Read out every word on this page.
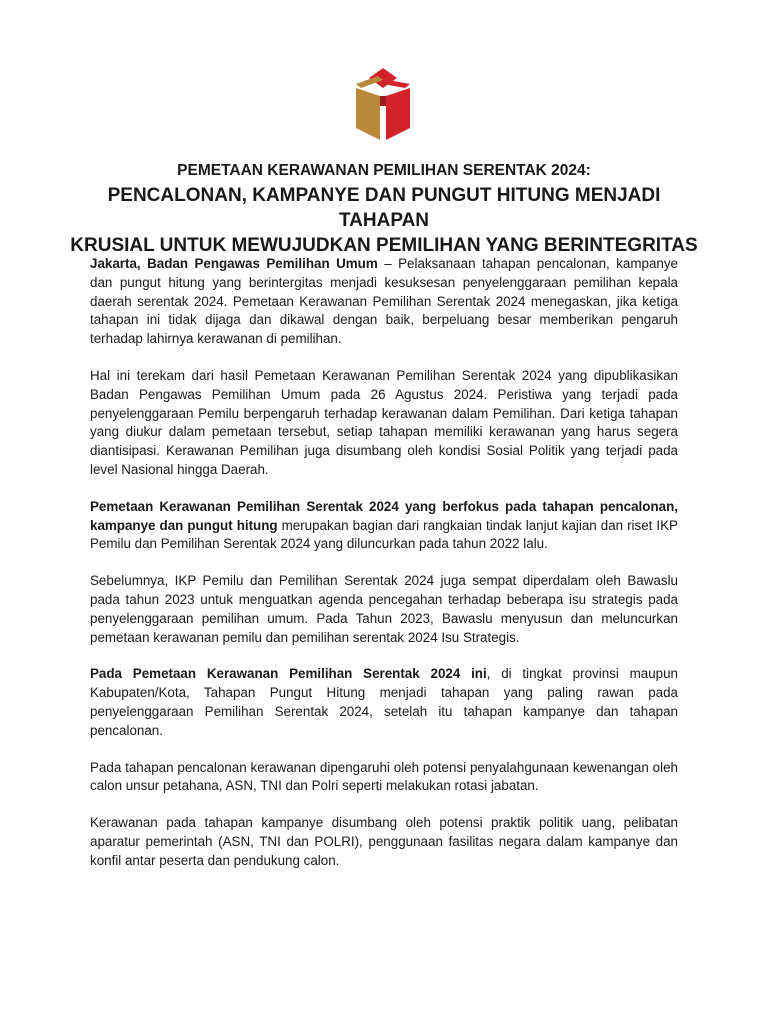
PEMETAAN KERAWANAN PEMILIHAN SERENTAK 2024:

PENCALONAN, KAMPANYE DAN PUNGUT HITUNG MENJADI TAHAPAN

KRUSIAL UNTUK MEWUJUDKAN PEMILIHAN YANG BERINTEGRITAS

Jakarta, Badan Pengawas Pemilihan Umum – Pelaksanaan tahapan pencalonan, kampanye dan pungut hitung yang berintergitas menjadi kesuksesan penyelenggaraan pemilihan kepala daerah serentak 2024. Pemetaan Kerawanan Pemilihan Serentak 2024 menegaskan, jika ketiga tahapan ini tidak dijaga dan dikawal dengan baik, berpeluang besar memberikan pengaruh terhadap lahirnya kerawanan di pemilihan.

Hal ini terekam dari hasil Pemetaan Kerawanan Pemilihan Serentak 2024 yang dipublikasikan Badan Pengawas Pemilihan Umum pada 26 Agustus 2024. Peristiwa yang terjadi pada penyelenggaraan Pemilu berpengaruh terhadap kerawanan dalam Pemilihan. Dari ketiga tahapan yang diukur dalam pemetaan tersebut, setiap tahapan memiliki kerawanan yang harus segera diantisipasi. Kerawanan Pemilihan juga disumbang oleh kondisi Sosial Politik yang terjadi pada level Nasional hingga Daerah.

Pemetaan Kerawanan Pemilihan Serentak 2024 yang berfokus pada tahapan pencalonan, kampanye dan pungut hitung merupakan bagian dari rangkaian tindak lanjut kajian dan riset IKP Pemilu dan Pemilihan Serentak 2024 yang diluncurkan pada tahun 2022 lalu.

Sebelumnya, IKP Pemilu dan Pemilihan Serentak 2024 juga sempat diperdalam oleh Bawaslu pada tahun 2023 untuk menguatkan agenda pencegahan terhadap beberapa isu strategis pada penyelenggaraan pemilihan umum. Pada Tahun 2023, Bawaslu menyusun dan meluncurkan pemetaan kerawanan pemilu dan pemilihan serentak 2024 Isu Strategis.

Pada Pemetaan Kerawanan Pemilihan Serentak 2024 ini, di tingkat provinsi maupun Kabupaten/Kota, Tahapan Pungut Hitung menjadi tahapan yang paling rawan pada penyelenggaraan Pemilihan Serentak 2024, setelah itu tahapan kampanye dan tahapan pencalonan.

Pada tahapan pencalonan kerawanan dipengaruhi oleh potensi penyalahgunaan kewenangan oleh calon unsur petahana, ASN, TNI dan Polri seperti melakukan rotasi jabatan.

Kerawanan pada tahapan kampanye disumbang oleh potensi praktik politik uang, pelibatan aparatur pemerintah (ASN, TNI dan POLRI), penggunaan fasilitas negara dalam kampanye dan konfil antar peserta dan pendukung calon.
